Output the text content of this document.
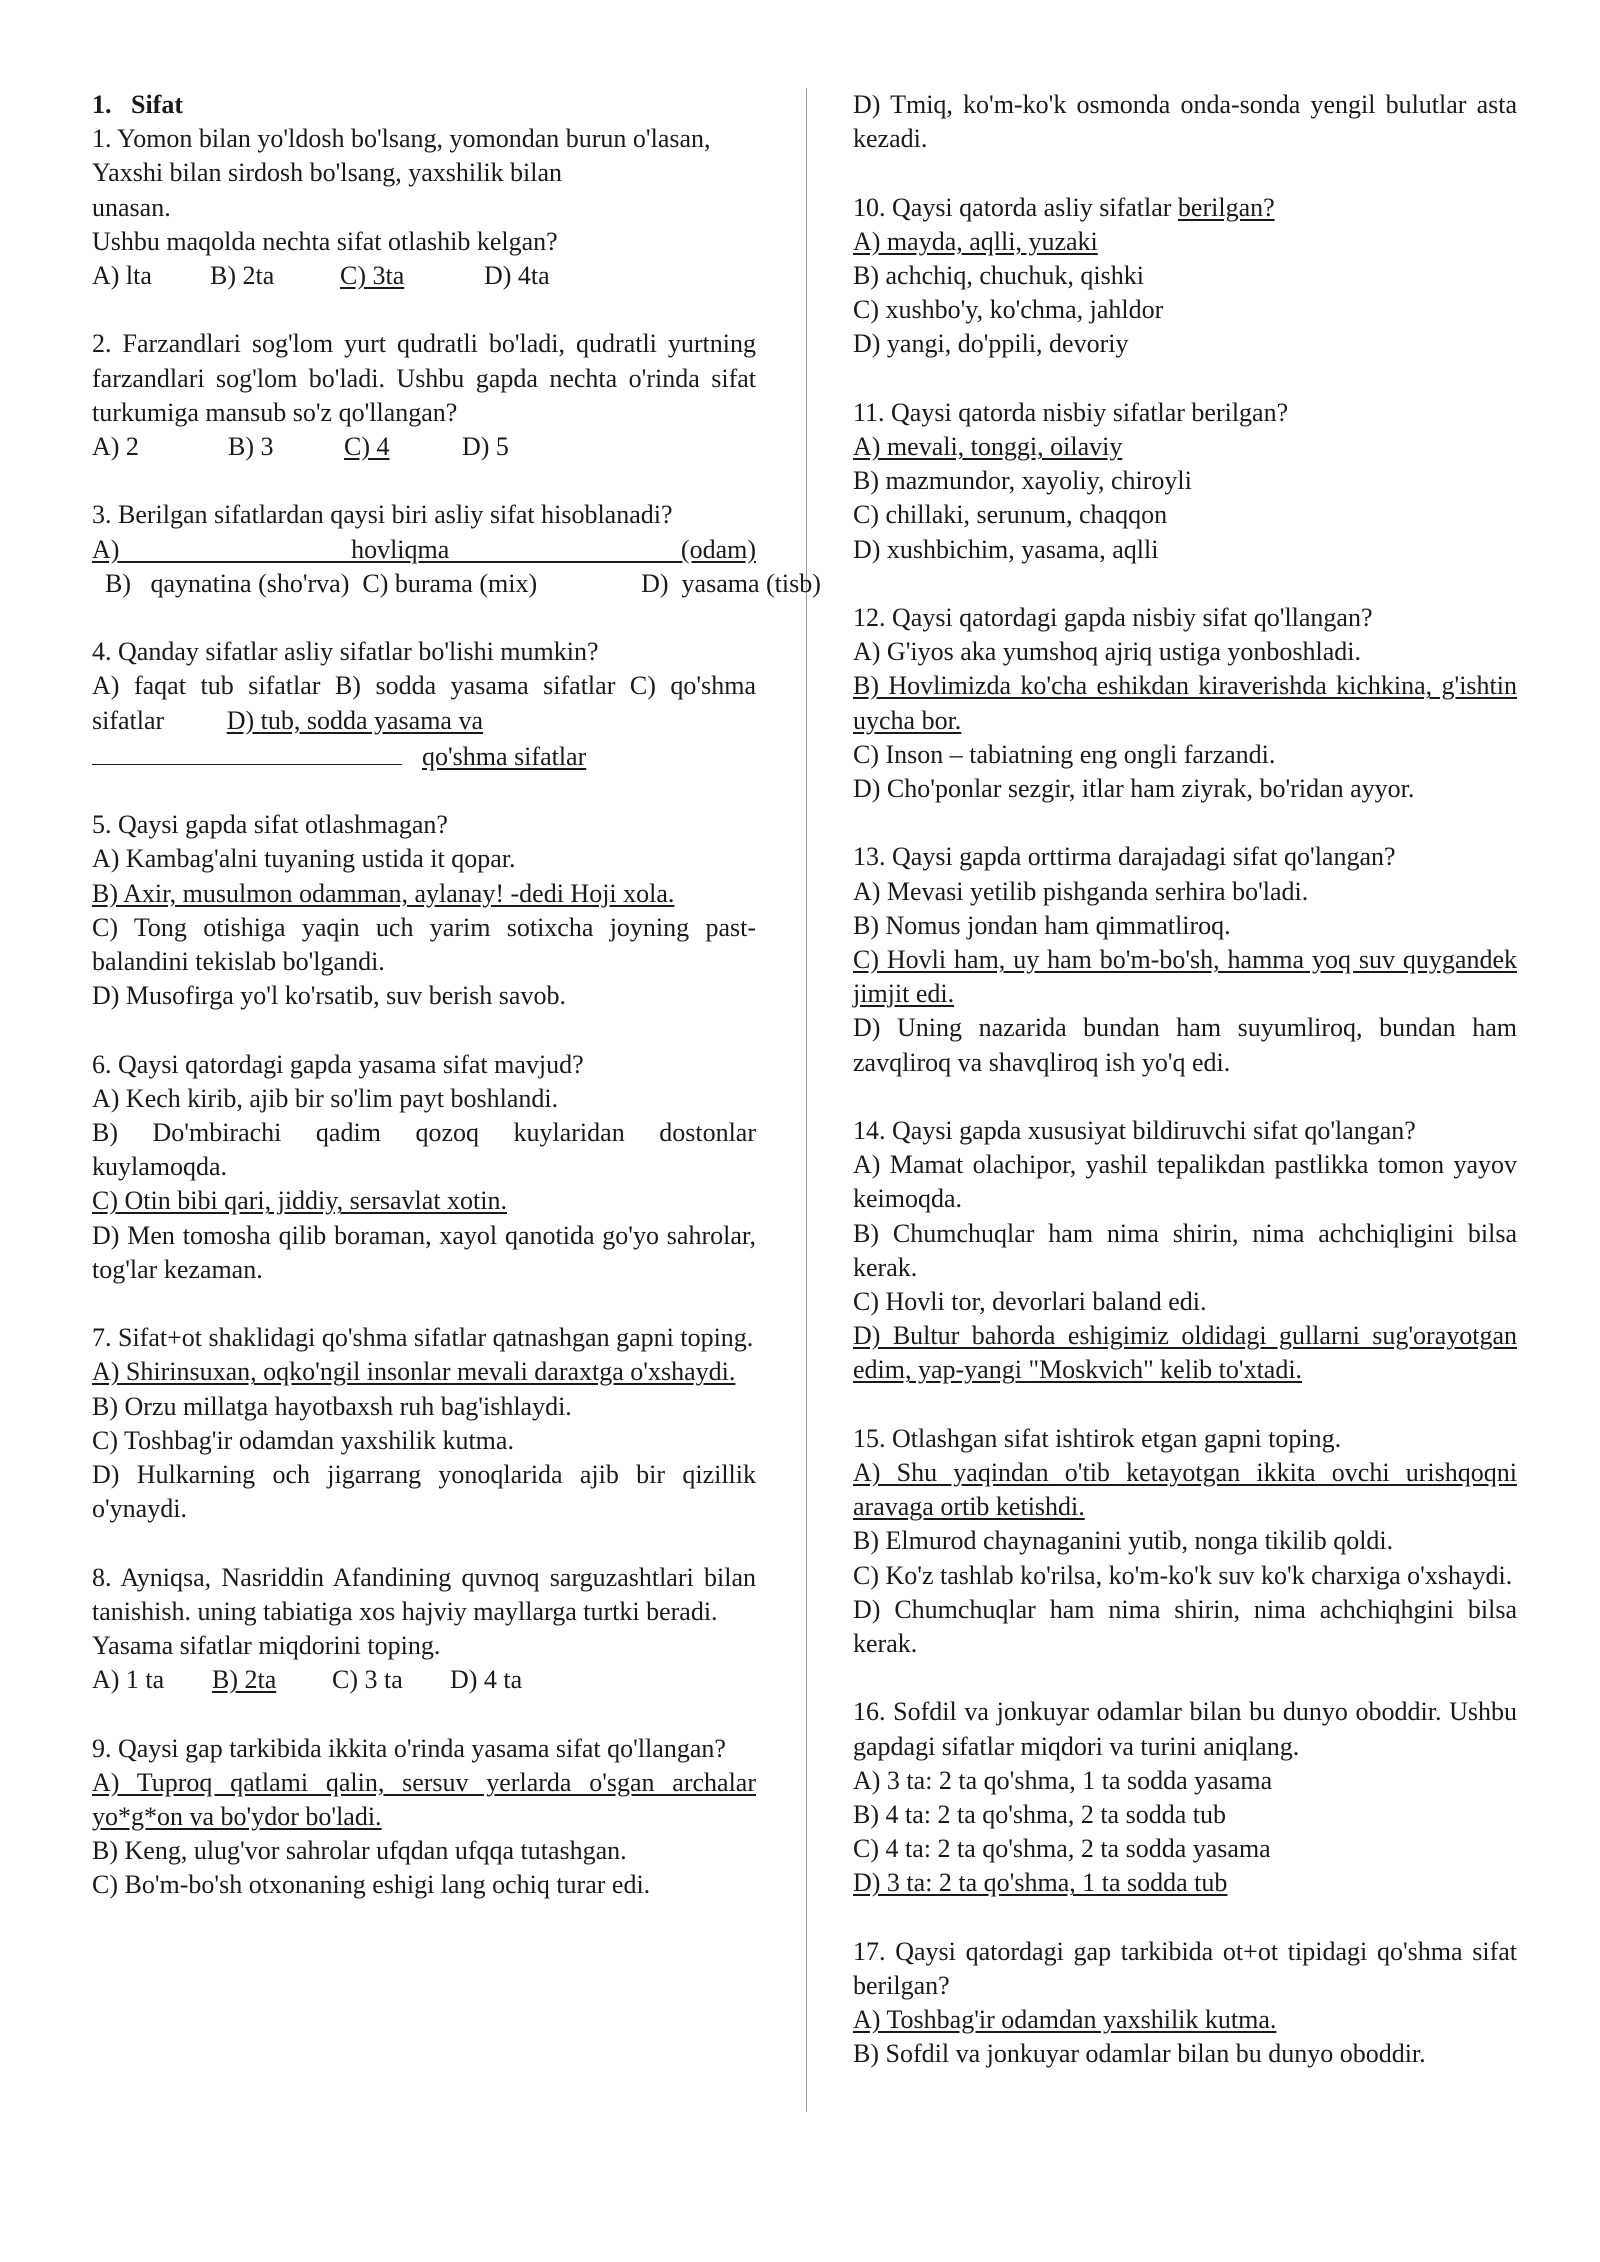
1.   Sifat

1. Yomon bilan yo'ldosh bo'lsang, yomondan burun o'lasan,

Yaxshi bilan sirdosh bo'lsang, yaxshilik bilan

unasan.

Ushbu maqolda nechta sifat otlashib kelgan?

A) lta	B) 2ta	C) 3ta	D) 4ta

2. Farzandlari sog'lom yurt qudratli bo'ladi, qudratli yurtning farzandlari sog'lom bo'ladi. Ushbu gapda nechta o'rinda sifat turkumiga mansub so'z qo'llangan?

A) 2	B) 3	C) 4	D) 5

3. Berilgan sifatlardan qaysi biri asliy sifat hisoblanadi?

A) hovliqma (odam)  B)   qaynatina (sho'rva)  C) burama (mix)	D)  yasama (tisb)

4. Qanday sifatlar asliy sifatlar bo'lishi mumkin?

A) faqat tub sifatlar B) sodda yasama sifatlar C) qo'shma sifatlar D) tub, sodda yasama va

qo'shma sifatlar

5. Qaysi gapda sifat otlashmagan?

A) Kambag'alni tuyaning ustida it qopar.

B) Axir, musulmon odamman, aylanay! -dedi Hoji xola.

C) Tong otishiga yaqin uch yarim sotixcha joyning past-balandini tekislab bo'lgandi.

D) Musofirga yo'l ko'rsatib, suv berish savob.

6. Qaysi qatordagi gapda yasama sifat mavjud?

A) Kech kirib, ajib bir so'lim payt boshlandi.

B) Do'mbirachi qadim qozoq kuylaridan dostonlar kuylamoqda.

C) Otin bibi qari, jiddiy, sersavlat xotin.

D) Men tomosha qilib boraman, xayol qanotida go'yo sahrolar, tog'lar kezaman.

7. Sifat+ot shaklidagi qo'shma sifatlar qatnashgan gapni toping.

A) Shirinsuxan, oqko'ngil insonlar mevali daraxtga o'xshaydi.

B) Orzu millatga hayotbaxsh ruh bag'ishlaydi.

C) Toshbag'ir odamdan yaxshilik kutma.

D) Hulkarning och jigarrang yonoqlarida ajib bir qizillik o'ynaydi.

8. Ayniqsa, Nasriddin Afandining quvnoq sarguzashtlari bilan tanishish. uning tabiatiga xos hajviy mayllarga turtki beradi.

Yasama sifatlar miqdorini toping.

A) 1 ta	B) 2ta	C) 3 ta	D) 4 ta

9. Qaysi gap tarkibida ikkita o'rinda yasama sifat qo'llangan?

A) Tuproq qatlami qalin, sersuv yerlarda o'sgan archalar yo*g*on va bo'ydor bo'ladi.

B) Keng, ulug'vor sahrolar ufqdan ufqqa tutashgan.

C) Bo'm-bo'sh otxonaning eshigi lang ochiq turar edi.

D) Tmiq, ko'm-ko'k osmonda onda-sonda yengil bulutlar asta kezadi.

10. Qaysi qatorda asliy sifatlar berilgan?

A) mayda, aqlli, yuzaki

B) achchiq, chuchuk, qishki

C) xushbo'y, ko'chma, jahldor

D) yangi, do'ppili, devoriy

11. Qaysi qatorda nisbiy sifatlar berilgan?

A) mevali, tonggi, oilaviy

B) mazmundor, xayoliy, chiroyli

C) chillaki, serunum, chaqqon

D) xushbichim, yasama, aqlli

12. Qaysi qatordagi gapda nisbiy sifat qo'llangan?

A) G'iyos aka yumshoq ajriq ustiga yonboshladi.

B) Hovlimizda ko'cha eshikdan kiraverishda kichkina, g'ishtin uycha bor.

C) Inson – tabiatning eng ongli farzandi.

D) Cho'ponlar sezgir, itlar ham ziyrak, bo'ridan ayyor.

13. Qaysi gapda orttirma darajadagi sifat qo'langan?

A) Mevasi yetilib pishganda serhira bo'ladi.

B) Nomus jondan ham qimmatliroq.

C) Hovli ham, uy ham bo'm-bo'sh, hamma yoq suv quygandek jimjit edi.

D) Uning nazarida bundan ham suyumliroq, bundan ham zavqliroq va shavqliroq ish yo'q edi.

14. Qaysi gapda xususiyat bildiruvchi sifat qo'langan?

A) Mamat olachipor, yashil tepalikdan pastlikka tomon yayov keimoqda.

B) Chumchuqlar ham nima shirin, nima achchiqligini bilsa kerak.

C) Hovli tor, devorlari baland edi.

D) Bultur bahorda eshigimiz oldidagi gullarni sug'orayotgan edim, yap-yangi "Moskvich" kelib to'xtadi.

15. Otlashgan sifat ishtirok etgan gapni toping.

A) Shu yaqindan o'tib ketayotgan ikkita ovchi urishqoqni aravaga ortib ketishdi.

B) Elmurod chaynaganini yutib, nonga tikilib qoldi.

C) Ko'z tashlab ko'rilsa, ko'm-ko'k suv ko'k charxiga o'xshaydi.

D) Chumchuqlar ham nima shirin, nima achchiqhgini bilsa kerak.

16. Sofdil va jonkuyar odamlar bilan bu dunyo oboddir. Ushbu gapdagi sifatlar miqdori va turini aniqlang.

A) 3 ta: 2 ta qo'shma, 1 ta sodda yasama

B) 4 ta: 2 ta qo'shma, 2 ta sodda tub

C) 4 ta: 2 ta qo'shma, 2 ta sodda yasama

D) 3 ta: 2 ta qo'shma, 1 ta sodda tub

17. Qaysi qatordagi gap tarkibida ot+ot tipidagi qo'shma sifat berilgan?

A) Toshbag'ir odamdan yaxshilik kutma.

B) Sofdil va jonkuyar odamlar bilan bu dunyo oboddir.
